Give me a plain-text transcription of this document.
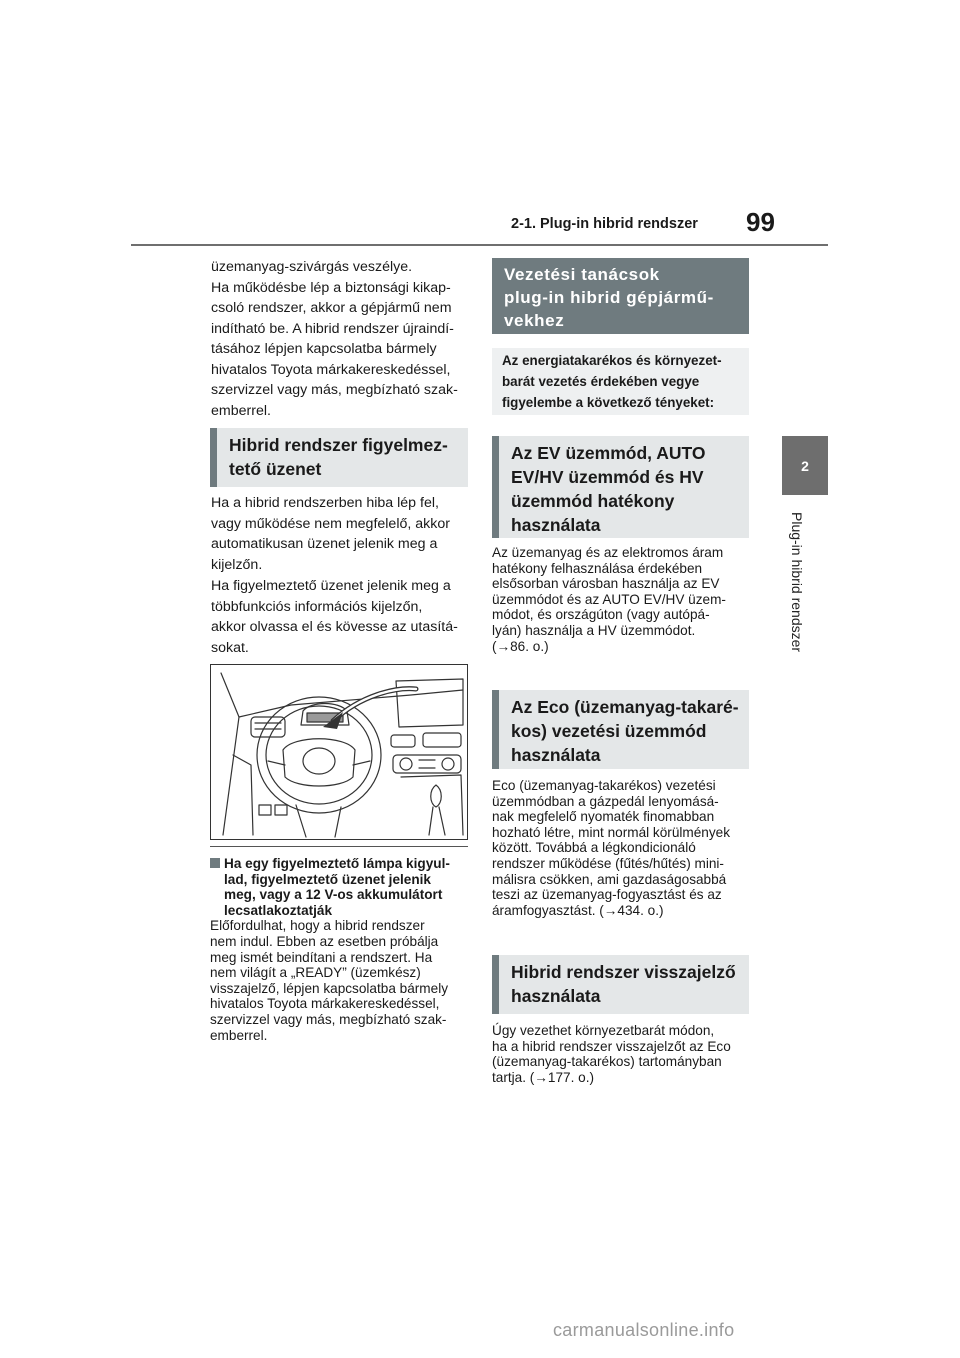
2-1. Plug-in hibrid rendszer 99
2
Plug-in hibrid rendszer

üzemanyag-szivárgás veszélye.

Ha működésbe lép a biztonsági kikap-

csoló rendszer, akkor a gépjármű nem

indítható be. A hibrid rendszer újraindí-

tásához lépjen kapcsolatba bármely

hivatalos Toyota márkakereskedéssel,

szervizzel vagy más, megbízható szak-

emberrel.

Hibrid rendszer figyelmez-
tető üzenet

Ha a hibrid rendszerben hiba lép fel,

vagy működése nem megfelelő, akkor

automatikusan üzenet jelenik meg a

kijelzőn.

Ha figyelmeztető üzenet jelenik meg a

többfunkciós információs kijelzőn,

akkor olvassa el és kövesse az utasítá-

sokat.

Ha egy figyelmeztető lámpa kigyul-
lad, figyelmeztető üzenet jelenik
meg, vagy a 12 V-os akkumulátort
lecsatlakoztatják

Előfordulhat, hogy a hibrid rendszer

nem indul. Ebben az esetben próbálja

meg ismét beindítani a rendszert. Ha

nem világít a „READY” (üzemkész)

visszajelző, lépjen kapcsolatba bármely

hivatalos Toyota márkakereskedéssel,

szervizzel vagy más, megbízható szak-

emberrel.

Vezetési tanácsok
plug-in hibrid gépjármű-
vekhez
Az energiatakarékos és környezet-
barát vezetés érdekében vegye
figyelembe a következő tényeket:
Az EV üzemmód, AUTO
EV/HV üzemmód és HV
üzemmód hatékony
használata

Az üzemanyag és az elektromos áram

hatékony felhasználása érdekében

elsősorban városban használja az EV

üzemmódot és az AUTO EV/HV üzem-

módot, és országúton (vagy autópá-

lyán) használja a HV üzemmódot.

(→86. o.)

Az Eco (üzemanyag-takaré-
kos) vezetési üzemmód
használata

Eco (üzemanyag-takarékos) vezetési

üzemmódban a gázpedál lenyomásá-

nak megfelelő nyomaték finomabban

hozható létre, mint normál körülmények

között. Továbbá a légkondicionáló

rendszer működése (fűtés/hűtés) mini-

málisra csökken, ami gazdaságosabbá

teszi az üzemanyag-fogyasztást és az

áramfogyasztást. (→434. o.)

Hibrid rendszer visszajelző
használata

Úgy vezethet környezetbarát módon,

ha a hibrid rendszer visszajelzőt az Eco

(üzemanyag-takarékos) tartományban

tartja. (→177. o.)

carmanualsonline.info
